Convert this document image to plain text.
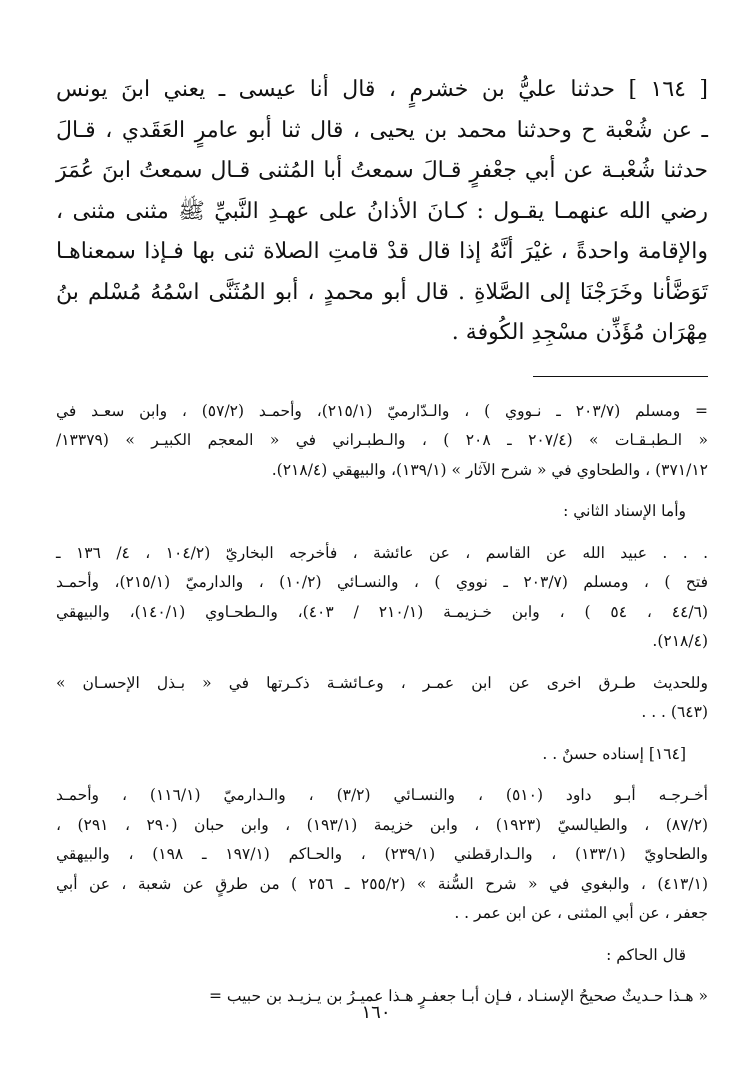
[ ١٦٤ ] حدثنا عليُّ بن خشرمٍ ، قال أنا عيسى ـ يعني ابنَ يونس
ـ عن شُعْبة ح وحدثنا محمد بن يحيى ، قال ثنا أبو عامرٍ العَقَدي ، قـالَ
حدثنا شُعْبـة عن أبي جعْفرٍ قـالَ سمعتُ أبا المُثنى قـال سمعتُ ابنَ عُمَرَ
رضي الله عنهمـا يقـول : كـانَ الأذانُ على عهـدِ النَّبيِّ ﷺ مثنى مثنى ،
والإقامة واحدةً ، غيْرَ أنَّهُ إذا قال قدْ قامتِ الصلاة ثنى بها فـإذا سمعناهـا
تَوَضَّأنا وخَرَجْنَا إلى الصَّلاةِ . قال أبو محمدٍ ، أبو المُثَنَّى اسْمُهُ مُسْلم بنُ
مِهْرَان مُؤَذِّن مسْجِدِ الكُوفة .
= ومسلم (٢٠٣/٧ ـ نـووي ) ، والـدّارميّ (٢١٥/١)، وأحمـد (٥٧/٢) ، وابن سعـد في
« الـطبـقـات » (٢٠٧/٤ ـ ٢٠٨ ) ، والـطبـراني في « المعجم الكبيـر » (١٣٣٧٩/
٣٧١/١٢) ، والطحاوي في « شرح الآثار » (١٣٩/١)، والبيهقي (٢١٨/٤).
وأما الإسناد الثاني :
. . . عبيد الله عن القاسم ، عن عائشة ، فأخرجه البخاريّ (١٠٤/٢ ، ٤/ ١٣٦ ـ
فتح ) ، ومسلم (٢٠٣/٧ ـ نووي ) ، والنسـائي (١٠/٢) ، والدارميّ (٢١٥/١)، وأحمـد
(٤٤/٦ ، ٥٤ ) ، وابن خـزيمـة (٢١٠/١ / ٤٠٣)، والـطحـاوي (١٤٠/١)، والبيهقي
(٢١٨/٤).
وللحديث طـرق اخرى عن ابن عمـر ، وعـائشـة ذكـرتها في « بـذل الإحسـان »
(٦٤٣) . . .
[١٦٤] إسناده حسنٌ . .
أخـرجـه أبـو داود (٥١٠) ، والنسـائي (٣/٢) ، والـدارميّ (١١٦/١) ، وأحمـد
(٨٧/٢) ، والطيالسيّ (١٩٢٣) ، وابن خزيمة (١٩٣/١) ، وابن حبان (٢٩٠ ، ٢٩١) ،
والطحاويّ (١٣٣/١) ، والـدارقطني (٢٣٩/١) ، والحـاكم (١٩٧/١ ـ ١٩٨) ، والبيهقي
(٤١٣/١) ، والبغوي في « شرح السُّنة » (٢٥٥/٢ ـ ٢٥٦ ) من طرقٍ عن شعبة ، عن أبي
جعفر ، عن أبي المثنى ، عن ابن عمر . .
قال الحاكم :
« هـذا حـديثٌ صحيحُ الإسنـاد ، فـإن أبـا جعفـرٍ هـذا عميـرُ بن يـزيـد بن حبيب =
١٦٠
